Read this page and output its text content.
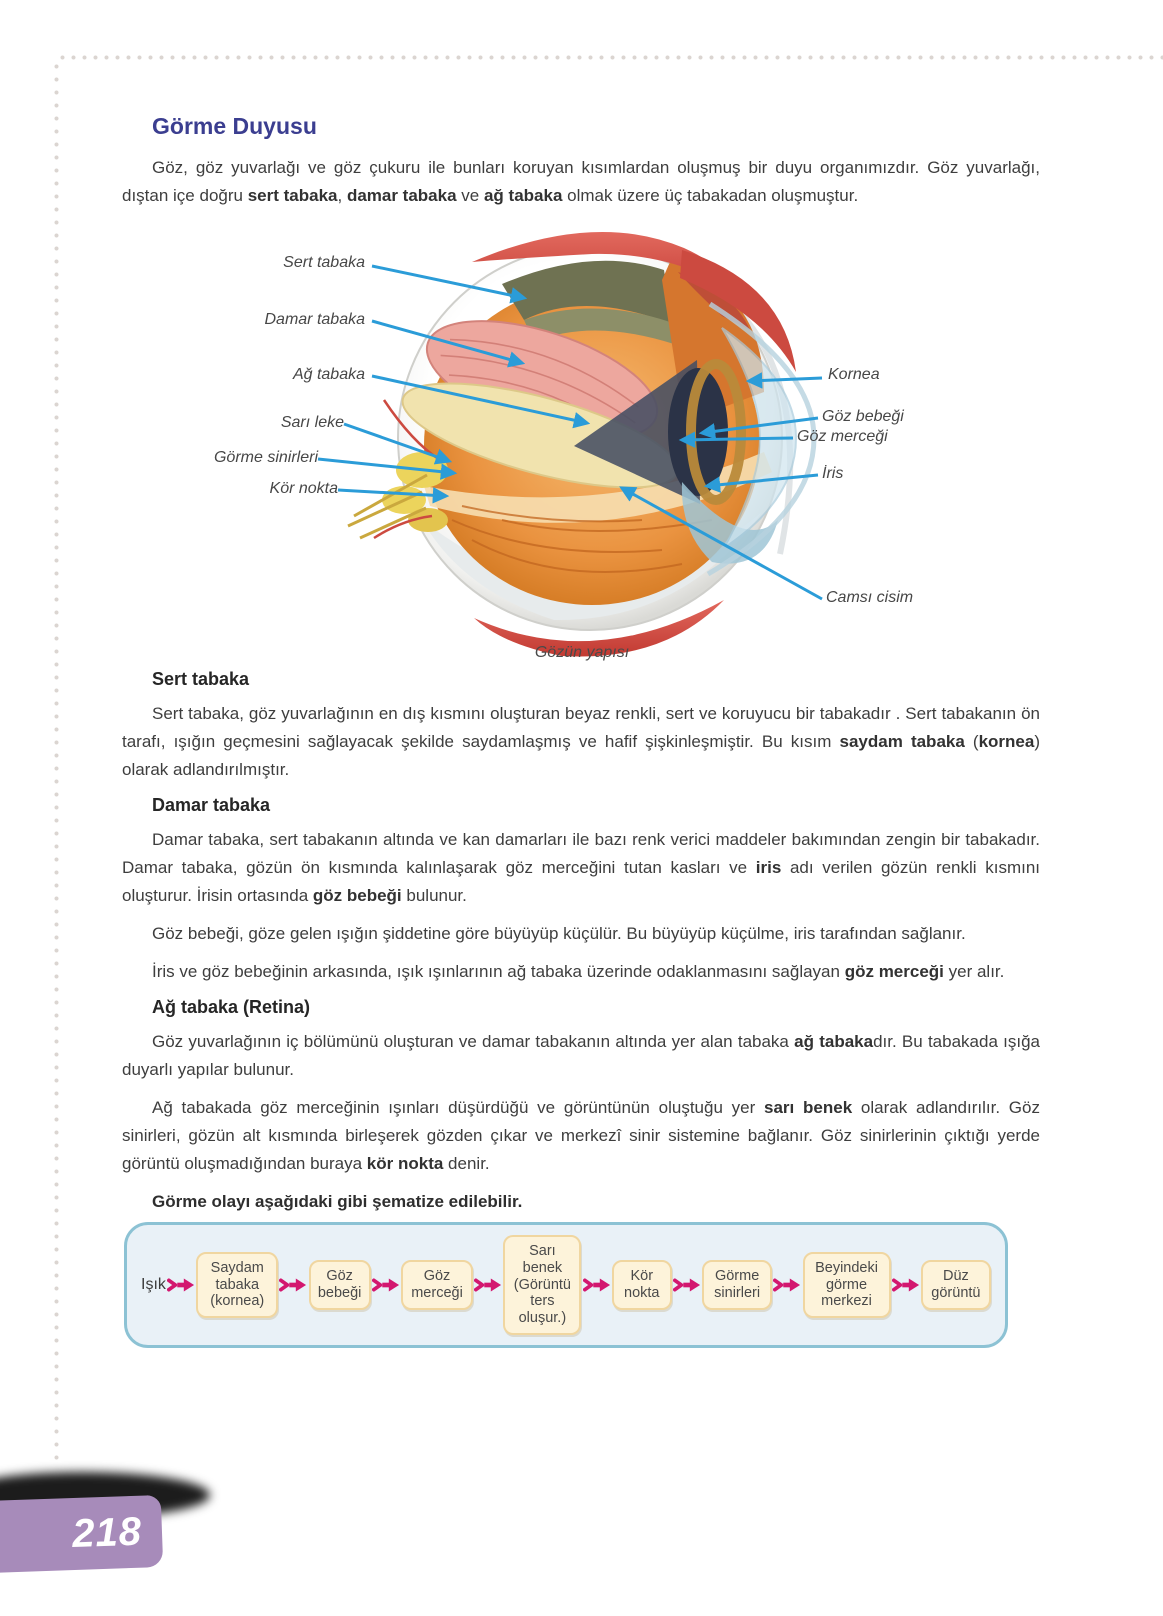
Görme Duyusu

Göz, göz yuvarlağı ve göz çukuru ile bunları koruyan kısımlardan oluşmuş bir duyu organımızdır. Göz yuvarlağı, dıştan içe doğru sert tabaka, damar tabaka ve ağ tabaka olmak üzere üç tabakadan oluşmuştur.

Sert tabaka
Damar tabaka
Ağ tabaka
Sarı leke
Görme sinirleri
Kör nokta
Kornea
Göz bebeği
Göz merceği
İris
Camsı cisim
Gözün yapısı
Sert tabaka

Sert tabaka, göz yuvarlağının en dış kısmını oluşturan beyaz renkli, sert ve koruyucu bir tabakadır . Sert tabakanın ön tarafı, ışığın geçmesini sağlayacak şekilde saydamlaşmış ve hafif şişkinleşmiştir. Bu kısım saydam tabaka (kornea) olarak adlandırılmıştır.

Damar tabaka

Damar tabaka, sert tabakanın altında ve kan damarları ile bazı renk verici maddeler bakımından zengin bir tabakadır. Damar tabaka, gözün ön kısmında kalınlaşarak göz merceğini tutan kasları ve iris adı verilen gözün renkli kısmını oluşturur. İrisin ortasında göz bebeği bulunur.

Göz bebeği, göze gelen ışığın şiddetine göre büyüyüp küçülür. Bu büyüyüp küçülme, iris tarafından sağlanır.

İris ve göz bebeğinin arkasında, ışık ışınlarının ağ tabaka üzerinde odaklanmasını sağlayan göz merceği yer alır.

Ağ tabaka (Retina)

Göz yuvarlağının iç bölümünü oluşturan ve damar tabakanın altında yer alan tabaka ağ tabakadır. Bu tabakada ışığa duyarlı yapılar bulunur.

Ağ tabakada göz merceğinin ışınları düşürdüğü ve görüntünün oluştuğu yer sarı benek olarak adlandırılır. Göz sinirleri, gözün alt kısmında birleşerek gözden çıkar ve merkezî sinir sistemine bağlanır. Göz sinirlerinin çıktığı yerde görüntü oluşmadığından buraya kör nokta denir.

Görme olayı aşağıdaki gibi şematize edilebilir.

Işık
Saydam tabaka (kornea)
Göz bebeği
Göz merceği
Sarı benek (Görüntü ters oluşur.)
Kör nokta
Görme sinirleri
Beyindeki görme merkezi
Düz görüntü
218
